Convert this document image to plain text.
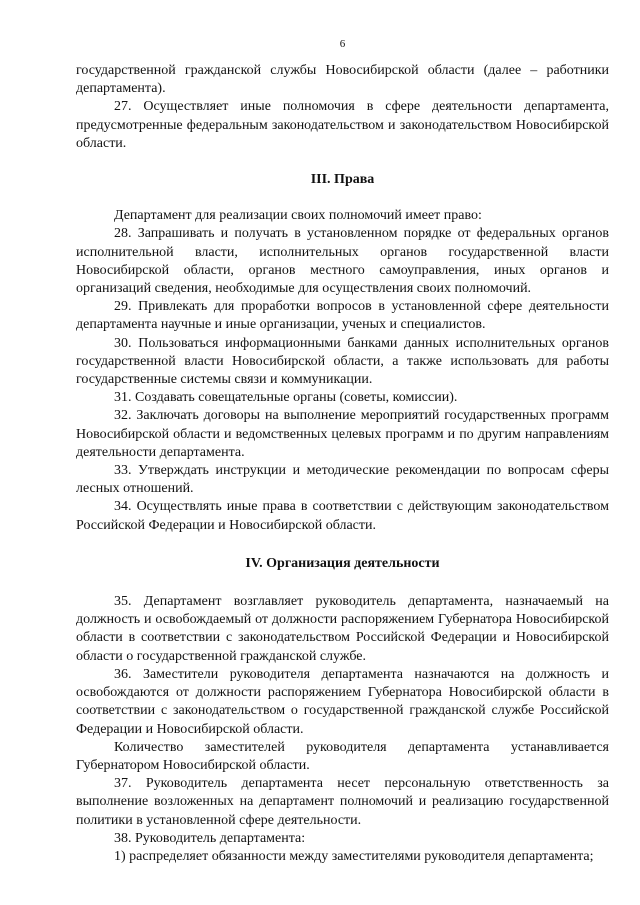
6

государственной гражданской службы Новосибирской области (далее – работники департамента).

27. Осуществляет иные полномочия в сфере деятельности департамента, предусмотренные федеральным законодательством и законодательством Новосибирской области.

III. Права

Департамент для реализации своих полномочий имеет право:

28. Запрашивать и получать в установленном порядке от федеральных органов исполнительной власти, исполнительных органов государственной власти Новосибирской области, органов местного самоуправления, иных органов и организаций сведения, необходимые для осуществления своих полномочий.

29. Привлекать для проработки вопросов в установленной сфере деятельности департамента научные и иные организации, ученых и специалистов.

30. Пользоваться информационными банками данных исполнительных органов государственной власти Новосибирской области, а также использовать для работы государственные системы связи и коммуникации.

31. Создавать совещательные органы (советы, комиссии).

32. Заключать договоры на выполнение мероприятий государственных программ Новосибирской области и ведомственных целевых программ и по другим направлениям деятельности департамента.

33. Утверждать инструкции и методические рекомендации по вопросам сферы лесных отношений.

34. Осуществлять иные права в соответствии с действующим законодательством Российской Федерации и Новосибирской области.

IV. Организация деятельности

35. Департамент возглавляет руководитель департамента, назначаемый на должность и освобождаемый от должности распоряжением Губернатора Новосибирской области в соответствии с законодательством Российской Федерации и Новосибирской области о государственной гражданской службе.

36. Заместители руководителя департамента назначаются на должность и освобождаются от должности распоряжением Губернатора Новосибирской области в соответствии с законодательством о государственной гражданской службе Российской Федерации и Новосибирской области.

Количество заместителей руководителя департамента устанавливается Губернатором Новосибирской области.

37. Руководитель департамента несет персональную ответственность за выполнение возложенных на департамент полномочий и реализацию государственной политики в установленной сфере деятельности.

38. Руководитель департамента:

1) распределяет обязанности между заместителями руководителя департамента;
